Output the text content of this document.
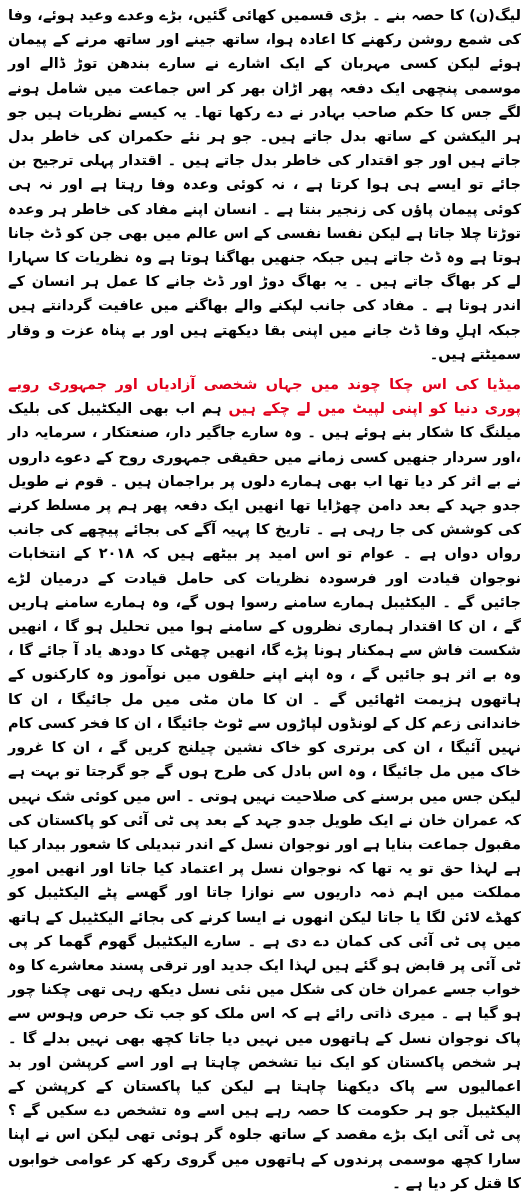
لیگ(ن) کا حصہ بنے ۔ بڑی قسمیں کھائی گئیں، بڑے وعدے وعید ہوئے، وفا کی شمع روشن رکھنے کا اعادہ ہوا، ساتھ جینے اور ساتھ مرنے کے پیمان ہوئے لیکن کسی مہربان کے ایک اشارے نے سارے بندھن توڑ ڈالے اور موسمی پنچھی ایک دفعہ پھر اڑان بھر کر اس جماعت میں شامل ہونے لگے جس کا حکم صاحب بہادر نے دے رکھا تھا۔ یہ کیسے نظریات ہیں جو ہر الیکشن کے ساتھ بدل جاتے ہیں۔ جو ہر نئے حکمران کی خاطر بدل جاتے ہیں اور جو اقتدار کی خاطر بدل جاتے ہیں ۔ اقتدار پہلی ترجیح بن جائے تو ایسے ہی ہوا کرتا ہے ، نہ کوئی وعدہ وفا رہتا ہے اور نہ ہی کوئی پیمان پاؤں کی زنجیر بنتا ہے ۔ انسان اپنے مفاد کی خاطر ہر وعدہ توڑتا چلا جاتا ہے لیکن نفسا نفسی کے اس عالم میں بھی جن کو ڈٹ جانا ہوتا ہے وہ ڈٹ جاتے ہیں جبکہ جنھیں بھاگنا ہوتا ہے وہ نظریات کا سہارا لے کر بھاگ جاتے ہیں ۔ یہ بھاگ دوڑ اور ڈٹ جانے کا عمل ہر انسان کے اندر ہوتا ہے ۔ مفاد کی جانب لپکنے والے بھاگنے میں عافیت گردانتے ہیں جبکہ اہلِ وفا ڈٹ جانے میں اپنی بقا دیکھتے ہیں اور بے پناہ عزت و وقار سمیٹتے ہیں۔

میڈیا کی اس چکا چوند میں جہاں شخصی آزادیاں اور جمہوری رویے پوری دنیا کو اپنی لپیٹ میں لے چکے ہیں ہم اب بھی الیکٹیبل کی بلیک میلنگ کا شکار بنے ہوئے ہیں ۔ وہ سارے جاگیر دار، صنعتکار ، سرمایہ دار ،اور سردار جنھیں کسی زمانے میں حقیقی جمہوری روح کے دعوے داروں نے بے اثر کر دیا تھا اب بھی ہمارے دلوں پر براجمان ہیں ۔ قوم نے طویل جدو جہد کے بعد دامن چھڑایا تھا انھیں ایک دفعہ پھر ہم پر مسلط کرنے کی کوشش کی جا رہی ہے ۔ تاریخ کا پہیہ آگے کی بجائے پیچھے کی جانب رواں دواں ہے ۔ عوام تو اس امید پر بیٹھے ہیں کہ ۲۰۱۸ کے انتخابات نوجوان قیادت اور فرسودہ نظریات کی حامل قیادت کے درمیان لڑے جائیں گے ۔ الیکٹیبل ہمارے سامنے رسوا ہوں گے، وہ ہمارے سامنے ہاریں گے ، ان کا اقتدار ہماری نظروں کے سامنے ہوا میں تحلیل ہو گا ، انھیں شکست فاش سے ہمکنار ہونا پڑے گا، انھیں چھٹی کا دودھ یاد آ جائے گا ، وہ بے اثر ہو جائیں گے ، وہ اپنے اپنے حلقوں میں نوآموز وہ کارکنوں کے ہاتھوں ہزیمت اٹھائیں گے ۔ ان کا مان مٹی میں مل جائیگا ، ان کا خاندانی زعم کل کے لونڈوں لپاڑوں سے ٹوٹ جائیگا ، ان کا فخر کسی کام نہیں آئیگا ، ان کی برتری کو خاک نشین چیلنج کریں گے ، ان کا غرور خاک میں مل جائیگا ، وہ اس بادل کی طرح ہوں گے جو گرجتا تو بہت ہے لیکن جس میں برسنے کی صلاحیت نہیں ہوتی ۔ اس میں کوئی شک نہیں کہ عمران خان نے ایک طویل جدو جہد کے بعد پی ٹی آئی کو پاکستان کی مقبول جماعت بنایا ہے اور نوجوان نسل کے اندر تبدیلی کا شعور بیدار کیا ہے لہذا حق تو یہ تھا کہ نوجوان نسل پر اعتماد کیا جاتا اور انھیں امورِ مملکت میں اہم ذمہ داریوں سے نوازا جاتا اور گھسے پٹے الیکٹیبل کو کھڈے لائن لگا یا جاتا لیکن انھوں نے ایسا کرنے کی بجائے الیکٹیبل کے ہاتھ میں پی ٹی آئی کی کمان دے دی ہے ۔ سارے الیکٹیبل گھوم گھما کر پی ٹی آئی پر قابض ہو گئے ہیں لہذا ایک جدید اور ترقی پسند معاشرے کا وہ خواب جسے عمران خان کی شکل میں نئی نسل دیکھ رہی تھی چکنا چور ہو گیا ہے ۔ میری ذاتی رائے ہے کہ اس ملک کو جب تک حرص وہوس سے پاک نوجوان نسل کے ہاتھوں میں نہیں دیا جاتا کچھ بھی نہیں بدلے گا ۔ ہر شخص پاکستان کو ایک نیا تشخص چاہتا ہے اور اسے کرپشن اور بد اعمالیوں سے پاک دیکھنا چاہتا ہے لیکن کیا پاکستان کے کرپشن کے الیکٹیبل جو ہر حکومت کا حصہ رہے ہیں اسے وہ تشخص دے سکیں گے ؟ پی ٹی آئی ایک بڑے مقصد کے ساتھ جلوہ گر ہوئی تھی لیکن اس نے اپنا سارا کچھ موسمی پرندوں کے ہاتھوں میں گروی رکھ کر عوامی خوابوں کا قتل کر دیا ہے ۔
